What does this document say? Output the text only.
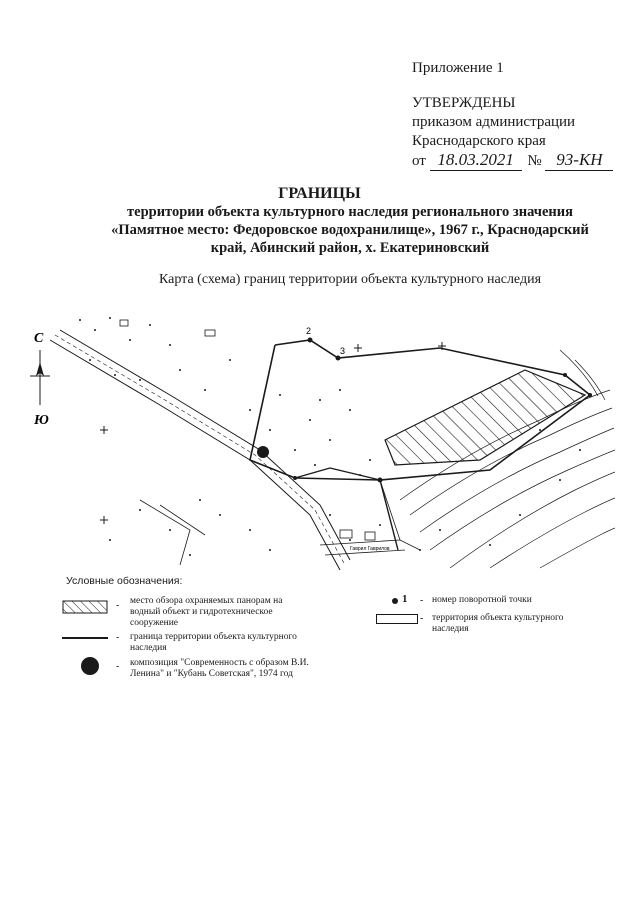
Приложение 1
УТВЕРЖДЕНЫ
приказом администрации
Краснодарского края
от 18.03.2021 № 93-КН
ГРАНИЦЫ
территории объекта культурного наследия регионального значения
«Памятное место: Федоровское водохранилище», 1967 г., Краснодарский
край, Абинский район, х. Екатериновский
Карта (схема) границ территории объекта культурного наследия
2
3
Гаврил Гаврилов
С
Ю
Условные обозначения:
- место обзора охраняемых панорам на водный объект и гидротехническое сооружение
- граница территории объекта культурного наследия
- композиция "Современность с образом В.И. Ленина" и "Кубань Советская", 1974 год
1 - номер поворотной точки
- территория объекта культурного наследия
